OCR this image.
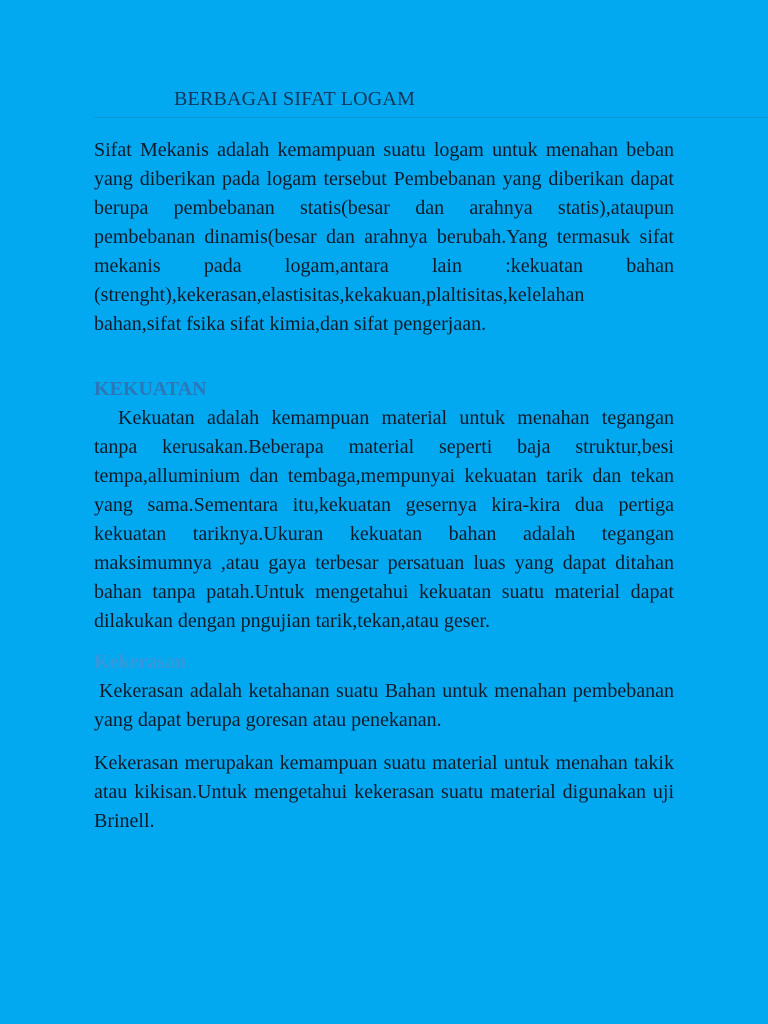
BERBAGAI SIFAT LOGAM

Sifat Mekanis adalah kemampuan suatu logam untuk menahan beban yang diberikan pada logam tersebut Pembebanan yang diberikan dapat berupa pembebanan statis(besar dan arahnya statis),ataupun pembebanan dinamis(besar dan arahnya berubah.Yang termasuk sifat mekanis pada logam,antara lain :kekuatan bahan (strenght),kekerasan,elastisitas,kekakuan,plaltisitas,kelelahan bahan,sifat fsika sifat kimia,dan sifat pengerjaan.

KEKUATAN

Kekuatan adalah kemampuan material untuk menahan tegangan tanpa kerusakan.Beberapa material seperti baja struktur,besi tempa,alluminium dan tembaga,mempunyai kekuatan tarik dan tekan yang sama.Sementara itu,kekuatan gesernya kira-kira dua pertiga kekuatan tariknya.Ukuran kekuatan bahan adalah tegangan maksimumnya ,atau gaya terbesar persatuan luas yang dapat ditahan bahan tanpa patah.Untuk mengetahui kekuatan suatu material dapat dilakukan dengan pngujian tarik,tekan,atau geser.

Kekerasan

Kekerasan adalah ketahanan suatu Bahan untuk menahan pembebanan yang dapat berupa goresan atau penekanan.

Kekerasan merupakan kemampuan suatu material untuk menahan takik atau kikisan.Untuk mengetahui kekerasan suatu material digunakan uji Brinell.
